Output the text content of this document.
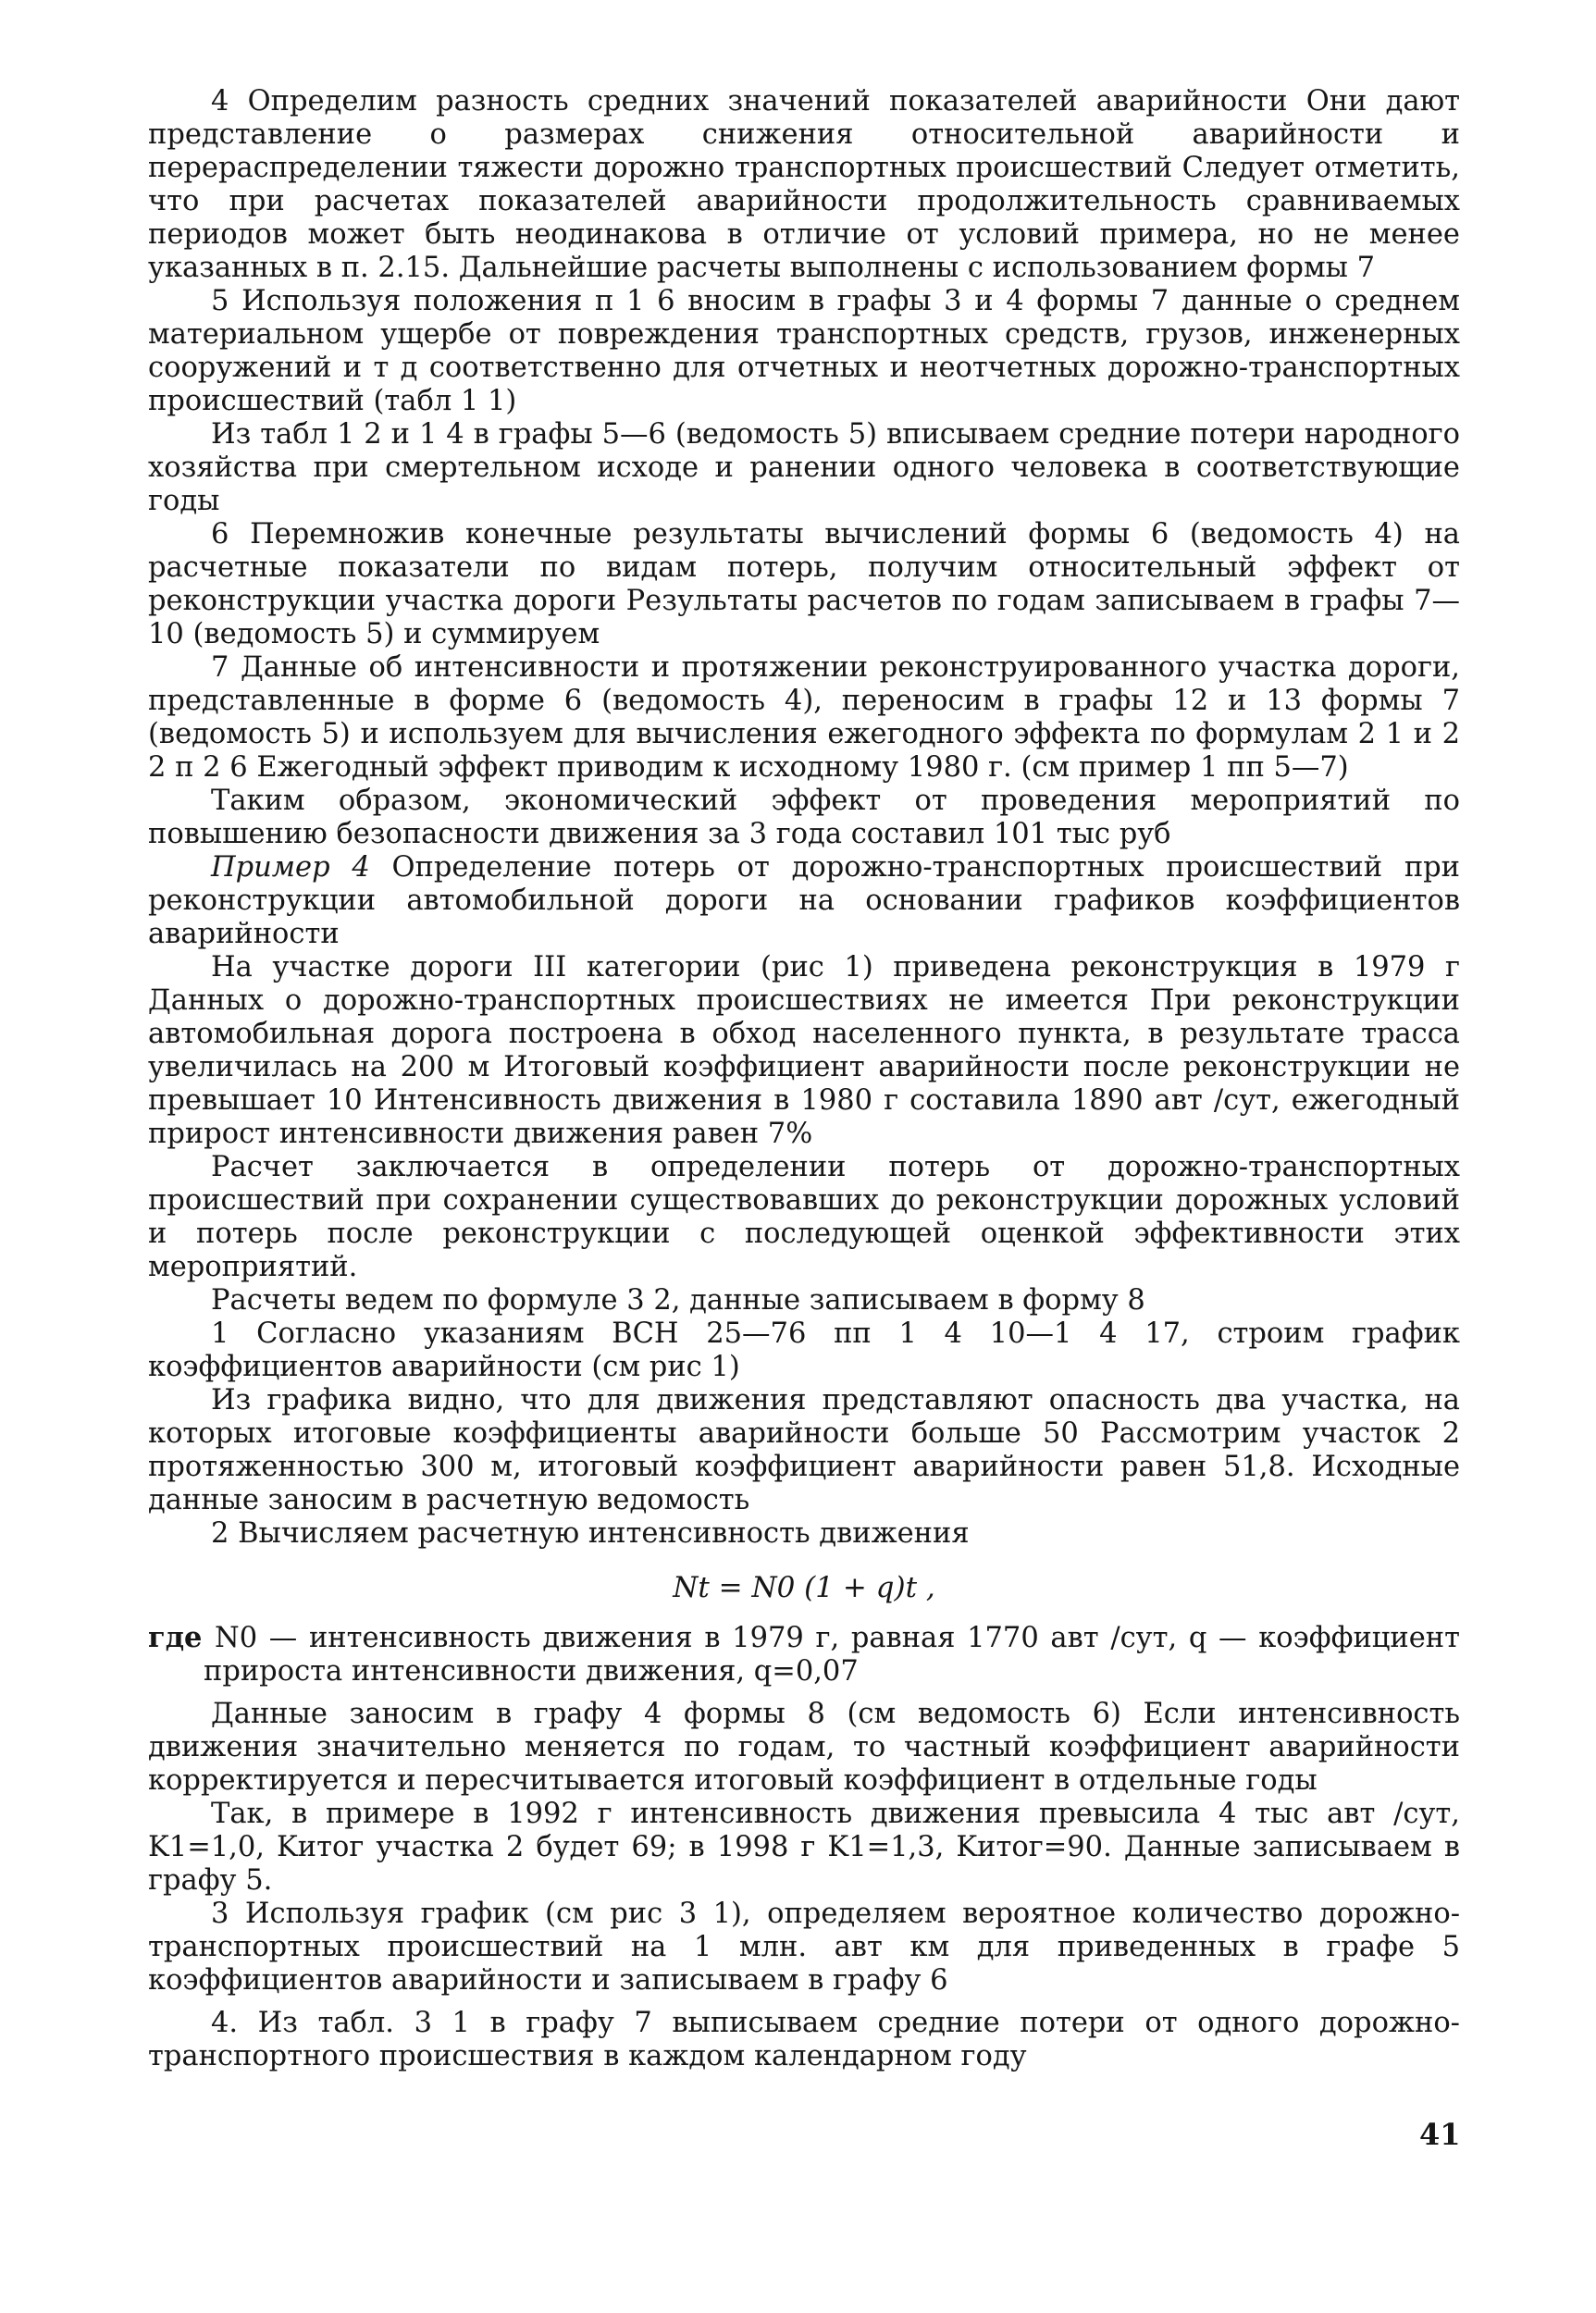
4 Определим разность средних значений показателей аварийности Они дают представление о размерах снижения относительной аварийности и перераспределении тяжести дорожно транспортных происшествий Следует отметить, что при расчетах показателей аварийности продолжительность сравниваемых периодов может быть неодинакова в отличие от условий примера, но не менее указанных в п. 2.15. Дальнейшие расчеты выполнены с использованием формы 7

5 Используя положения п 1 6 вносим в графы 3 и 4 формы 7 данные о среднем материальном ущербе от повреждения транспортных средств, грузов, инженерных сооружений и т д соответственно для отчетных и неотчетных дорожно-транспортных происшествий (табл 1 1)

Из табл 1 2 и 1 4 в графы 5—6 (ведомость 5) вписываем средние потери народного хозяйства при смертельном исходе и ранении одного человека в соответствующие годы

6 Перемножив конечные результаты вычислений формы 6 (ведомость 4) на расчетные показатели по видам потерь, получим относительный эффект от реконструкции участка дороги Результаты расчетов по годам записываем в графы 7—10 (ведомость 5) и суммируем

7 Данные об интенсивности и протяжении реконструированного участка дороги, представленные в форме 6 (ведомость 4), переносим в графы 12 и 13 формы 7 (ведомость 5) и используем для вычисления ежегодного эффекта по формулам 2 1 и 2 2 п 2 6 Ежегодный эффект приводим к исходному 1980 г. (см пример 1 пп 5—7)

Таким образом, экономический эффект от проведения мероприятий по повышению безопасности движения за 3 года составил 101 тыс руб

Пример 4 Определение потерь от дорожно-транспортных происшествий при реконструкции автомобильной дороги на основании графиков коэффициентов аварийности

На участке дороги III категории (рис 1) приведена реконструкция в 1979 г Данных о дорожно-транспортных происшествиях не имеется При реконструкции автомобильная дорога построена в обход населенного пункта, в результате трасса увеличилась на 200 м Итоговый коэффициент аварийности после реконструкции не превышает 10 Интенсивность движения в 1980 г составила 1890 авт /сут, ежегодный прирост интенсивности движения равен 7%

Расчет заключается в определении потерь от дорожно-транспортных происшествий при сохранении существовавших до реконструкции дорожных условий и потерь после реконструкции с последующей оценкой эффективности этих мероприятий.

Расчеты ведем по формуле 3 2, данные записываем в форму 8

1 Согласно указаниям ВСН 25—76 пп 1 4 10—1 4 17, строим график коэффициентов аварийности (см рис 1)

Из графика видно, что для движения представляют опасность два участка, на которых итоговые коэффициенты аварийности больше 50 Рассмотрим участок 2 протяженностью 300 м, итоговый коэффициент аварийности равен 51,8. Исходные данные заносим в расчетную ведомость

2 Вычисляем расчетную интенсивность движения

Nt = N0 (1 + q)t ,

где N0 — интенсивность движения в 1979 г, равная 1770 авт /сут, q — коэффициент прироста интенсивности движения, q=0,07

Данные заносим в графу 4 формы 8 (см ведомость 6) Если интенсивность движения значительно меняется по годам, то частный коэффициент аварийности корректируется и пересчитывается итоговый коэффициент в отдельные годы

Так, в примере в 1992 г интенсивность движения превысила 4 тыс авт /сут, K1=1,0, Kитог участка 2 будет 69; в 1998 г K1=1,3, Kитог=90. Данные записываем в графу 5.

3 Используя график (см рис 3 1), определяем вероятное количество дорожно-транспортных происшествий на 1 млн. авт км для приведенных в графе 5 коэффициентов аварийности и записываем в графу 6

4. Из табл. 3 1 в графу 7 выписываем средние потери от одного дорожно-транспортного происшествия в каждом календарном году

41
